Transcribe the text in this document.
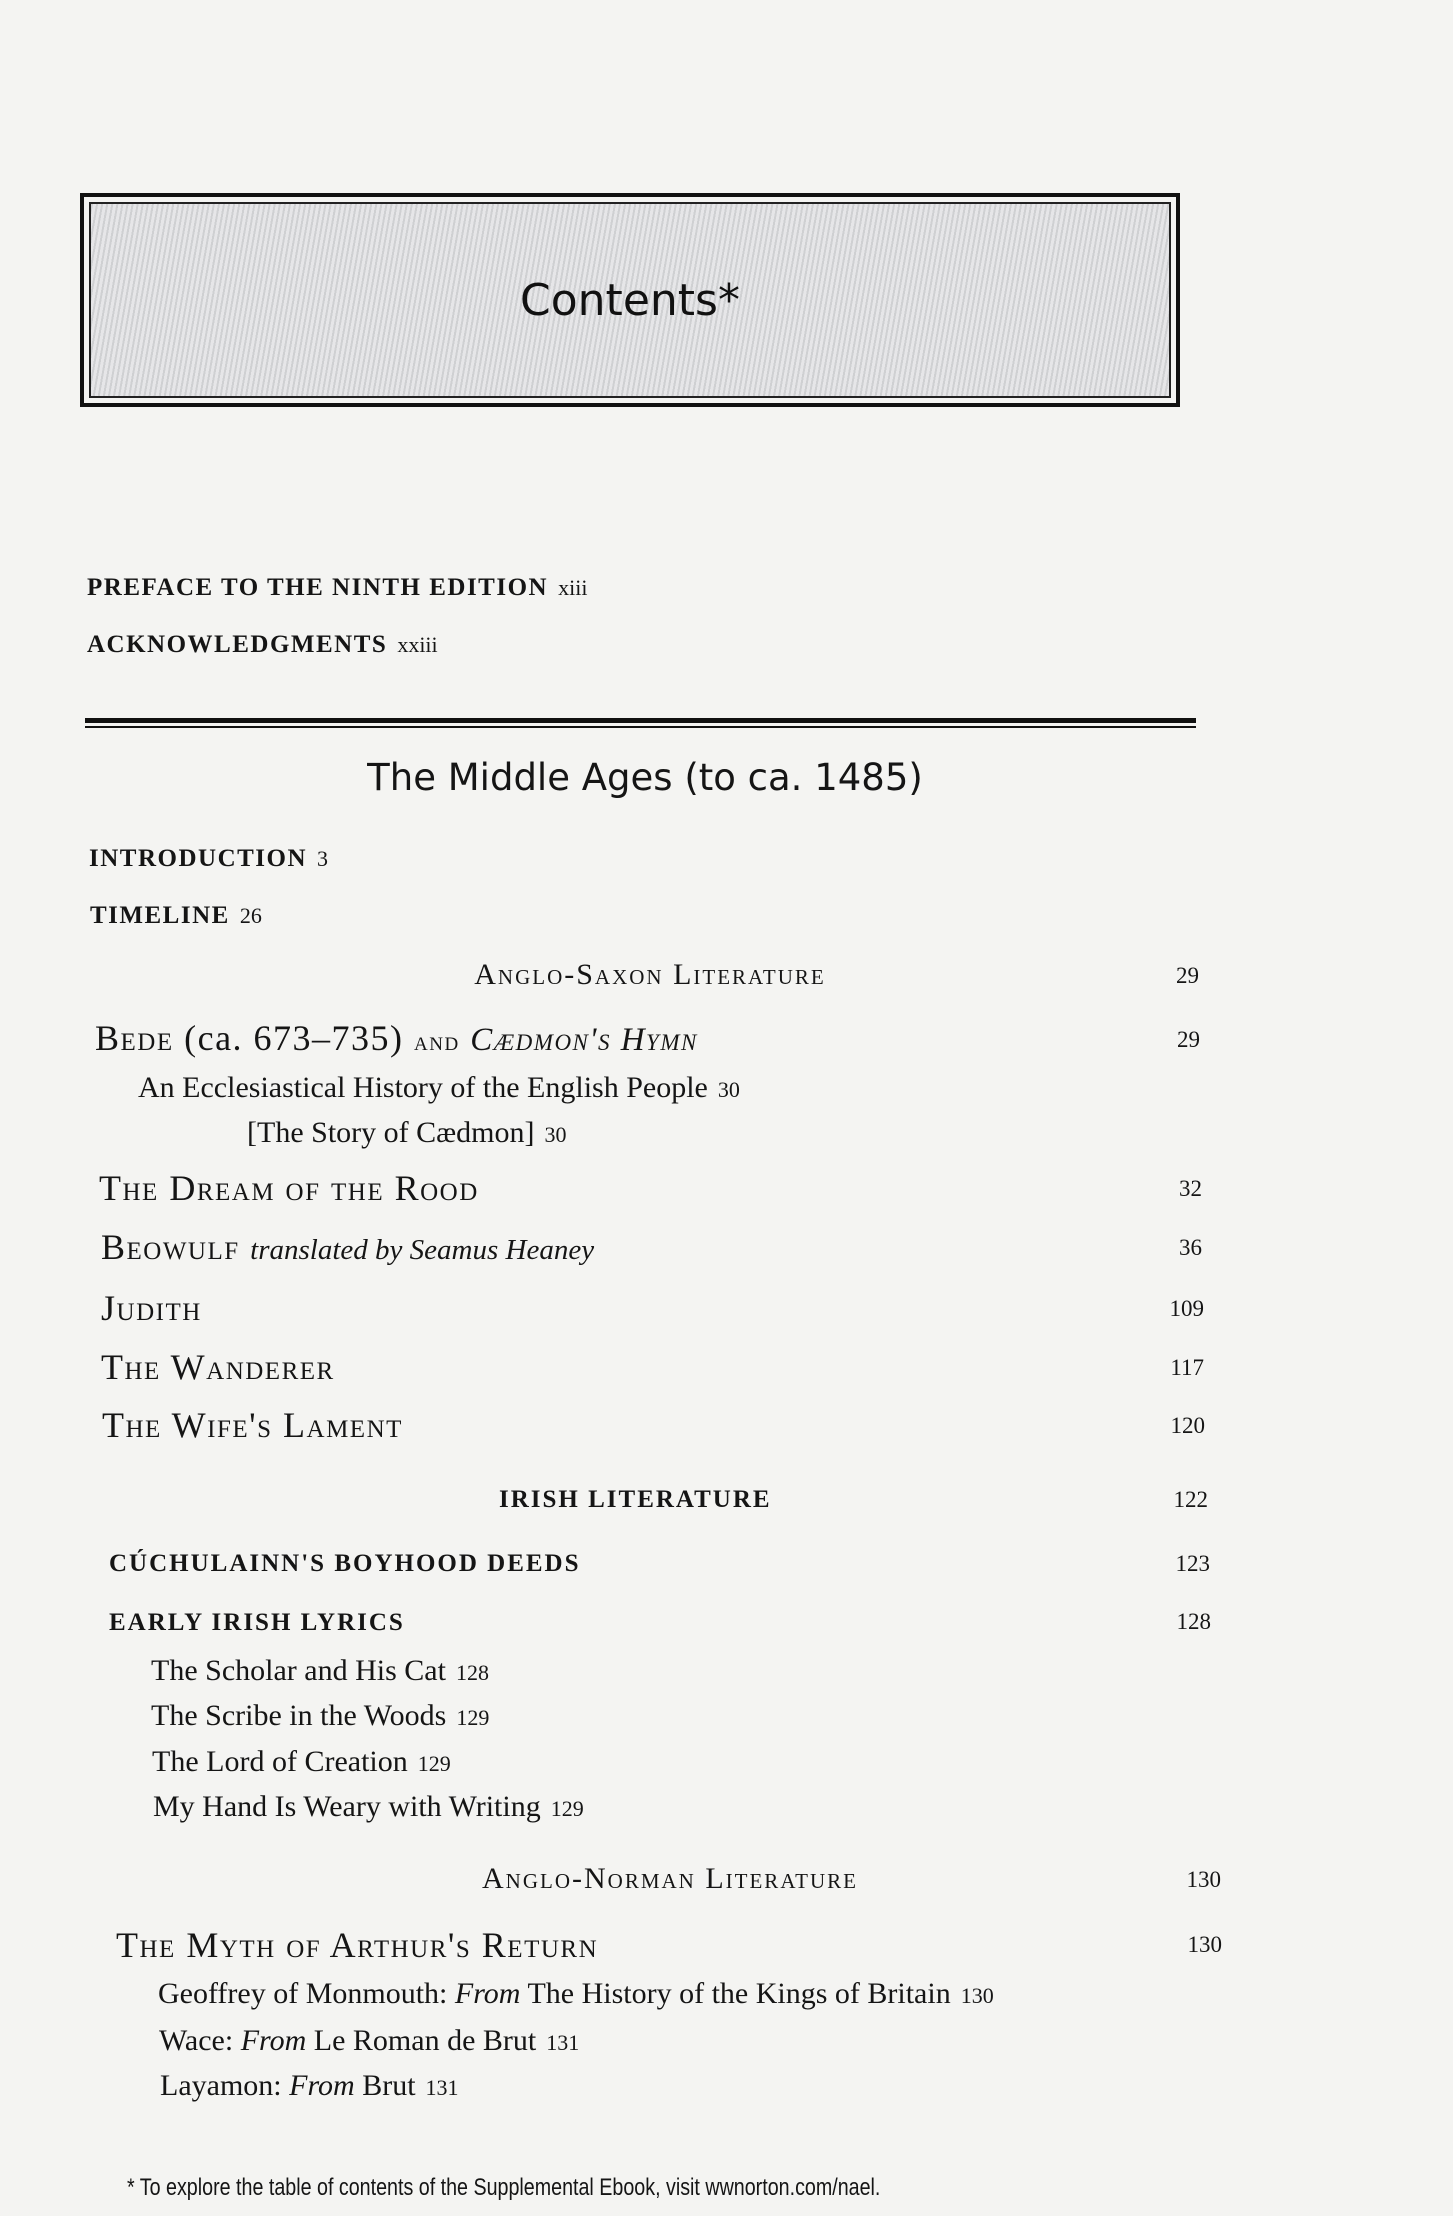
Contents*
PREFACE TO THE NINTH EDITION xiii
ACKNOWLEDGMENTS xxiii
The Middle Ages (to ca. 1485)
INTRODUCTION 3
TIMELINE 26
Anglo-Saxon Literature	29
Bede (ca. 673–735) and Cædmon's Hymn	29
An Ecclesiastical History of the English People 30
[The Story of Cædmon] 30
The Dream of the Rood	32
Beowulf translated by Seamus Heaney	36
Judith	109
The Wanderer	117
The Wife's Lament	120
IRISH LITERATURE	122
CÚCHULAINN'S BOYHOOD DEEDS	123
EARLY IRISH LYRICS	128
The Scholar and His Cat 128
The Scribe in the Woods 129
The Lord of Creation 129
My Hand Is Weary with Writing 129
Anglo-Norman Literature	130
The Myth of Arthur's Return	130
Geoffrey of Monmouth: From The History of the Kings of Britain 130
Wace: From Le Roman de Brut 131
Layamon: From Brut 131
* To explore the table of contents of the Supplemental Ebook, visit wwnorton.com/nael.
